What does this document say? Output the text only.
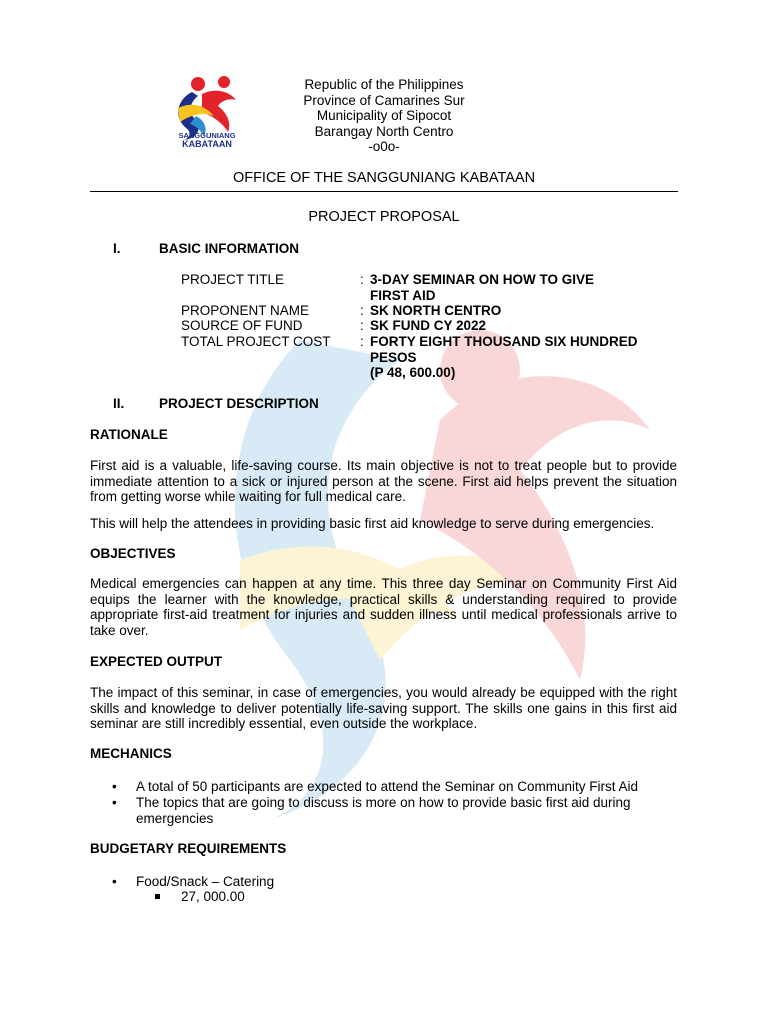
SANGGUNIANG
KABATAAN
Republic of the Philippines
Province of Camarines Sur
Municipality of Sipocot
Barangay North Centro
-o0o-
OFFICE OF THE SANGGUNIANG KABATAAN
PROJECT PROPOSAL
I.	BASIC INFORMATION
PROJECT TITLE	: 3-DAY SEMINAR ON HOW TO GIVE FIRST AID
PROPONENT NAME	: SK NORTH CENTRO
SOURCE OF FUND	: SK FUND CY 2022
TOTAL PROJECT COST : FORTY EIGHT THOUSAND SIX HUNDRED PESOS
(P 48, 600.00)
II.	PROJECT DESCRIPTION
RATIONALE
First aid is a valuable, life-saving course. Its main objective is not to treat people but to provide immediate attention to a sick or injured person at the scene. First aid helps prevent the situation from getting worse while waiting for full medical care.
This will help the attendees in providing basic first aid knowledge to serve during emergencies.
OBJECTIVES
Medical emergencies can happen at any time. This three day Seminar on Community First Aid equips the learner with the knowledge, practical skills & understanding required to provide appropriate first-aid treatment for injuries and sudden illness until medical professionals arrive to take over.
EXPECTED OUTPUT
The impact of this seminar, in case of emergencies, you would already be equipped with the right skills and knowledge to deliver potentially life-saving support. The skills one gains in this first aid seminar are still incredibly essential, even outside the workplace.
MECHANICS
• A total of 50 participants are expected to attend the Seminar on Community First Aid
• The topics that are going to discuss is more on how to provide basic first aid during emergencies
BUDGETARY REQUIREMENTS
• Food/Snack – Catering
27, 000.00
